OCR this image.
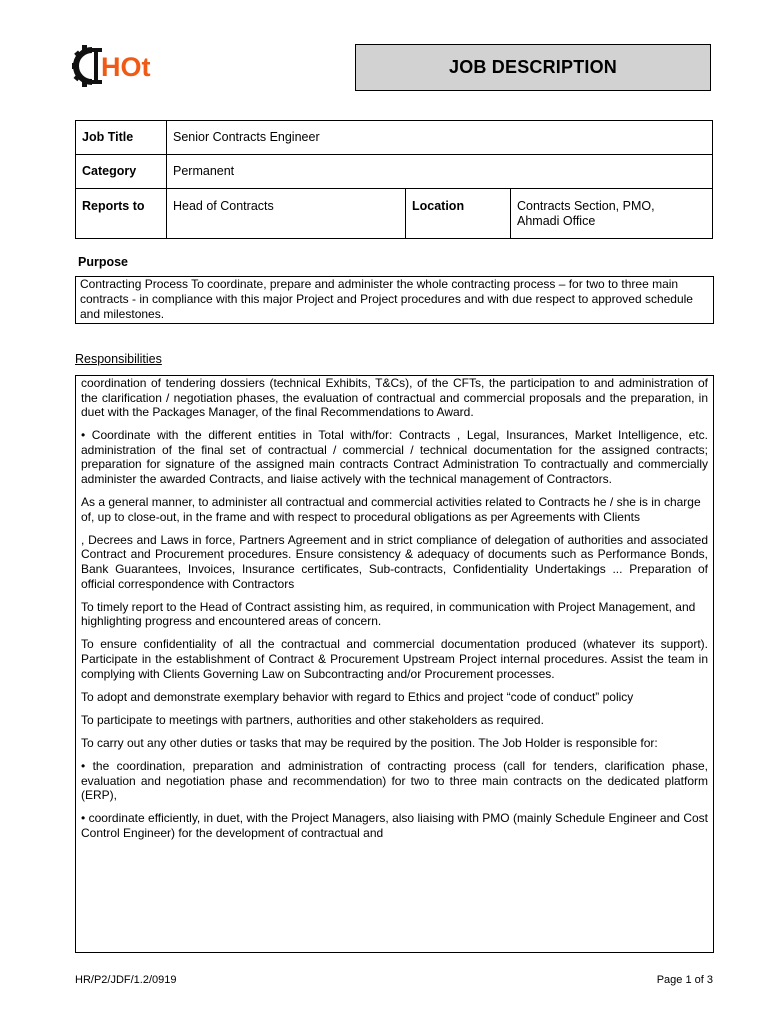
HOt	JOB DESCRIPTION
Job Title	Senior Contracts Engineer		
Category	Permanent		
Reports to	Head of Contracts	Location	Contracts Section, PMO,
Ahmadi Office
Purpose
Contracting Process To coordinate, prepare and administer the whole contracting process – for two to three main contracts - in compliance with this major Project and Project procedures and with due respect to approved schedule and milestones.
Responsibilities

coordination of tendering dossiers (technical Exhibits, T&Cs), of the CFTs, the participation to and administration of the clarification / negotiation phases, the evaluation of contractual and commercial proposals and the preparation, in duet with the Packages Manager, of the final Recommendations to Award.

• Coordinate with the different entities in Total with/for: Contracts , Legal, Insurances, Market Intelligence, etc. administration of the final set of contractual / commercial / technical documentation for the assigned contracts; preparation for signature of the assigned main contracts Contract Administration To contractually and commercially administer the awarded Contracts, and liaise actively with the technical management of Contractors.

As a general manner, to administer all contractual and commercial activities related to Contracts he / she is in charge of, up to close-out, in the frame and with respect to procedural obligations as per Agreements with Clients

, Decrees and Laws in force, Partners Agreement and in strict compliance of delegation of authorities and associated Contract and Procurement procedures. Ensure consistency & adequacy of documents such as Performance Bonds, Bank Guarantees, Invoices, Insurance certificates, Sub-contracts, Confidentiality Undertakings ... Preparation of official correspondence with Contractors

To timely report to the Head of Contract assisting him, as required, in communication with Project Management, and highlighting progress and encountered areas of concern.

To ensure confidentiality of all the contractual and commercial documentation produced (whatever its support). Participate in the establishment of Contract & Procurement Upstream Project internal procedures. Assist the team in complying with Clients Governing Law on Subcontracting and/or Procurement processes.

To adopt and demonstrate exemplary behavior with regard to Ethics and project “code of conduct” policy

To participate to meetings with partners, authorities and other stakeholders as required.

To carry out any other duties or tasks that may be required by the position. The Job Holder is responsible for:

• the coordination, preparation and administration of contracting process (call for tenders, clarification phase, evaluation and negotiation phase and recommendation) for two to three main contracts on the dedicated platform (ERP),

• coordinate efficiently, in duet, with the Project Managers, also liaising with PMO (mainly Schedule Engineer and Cost Control Engineer) for the development of contractual and

HR/P2/JDF/1.2/0919	Page 1 of 3
